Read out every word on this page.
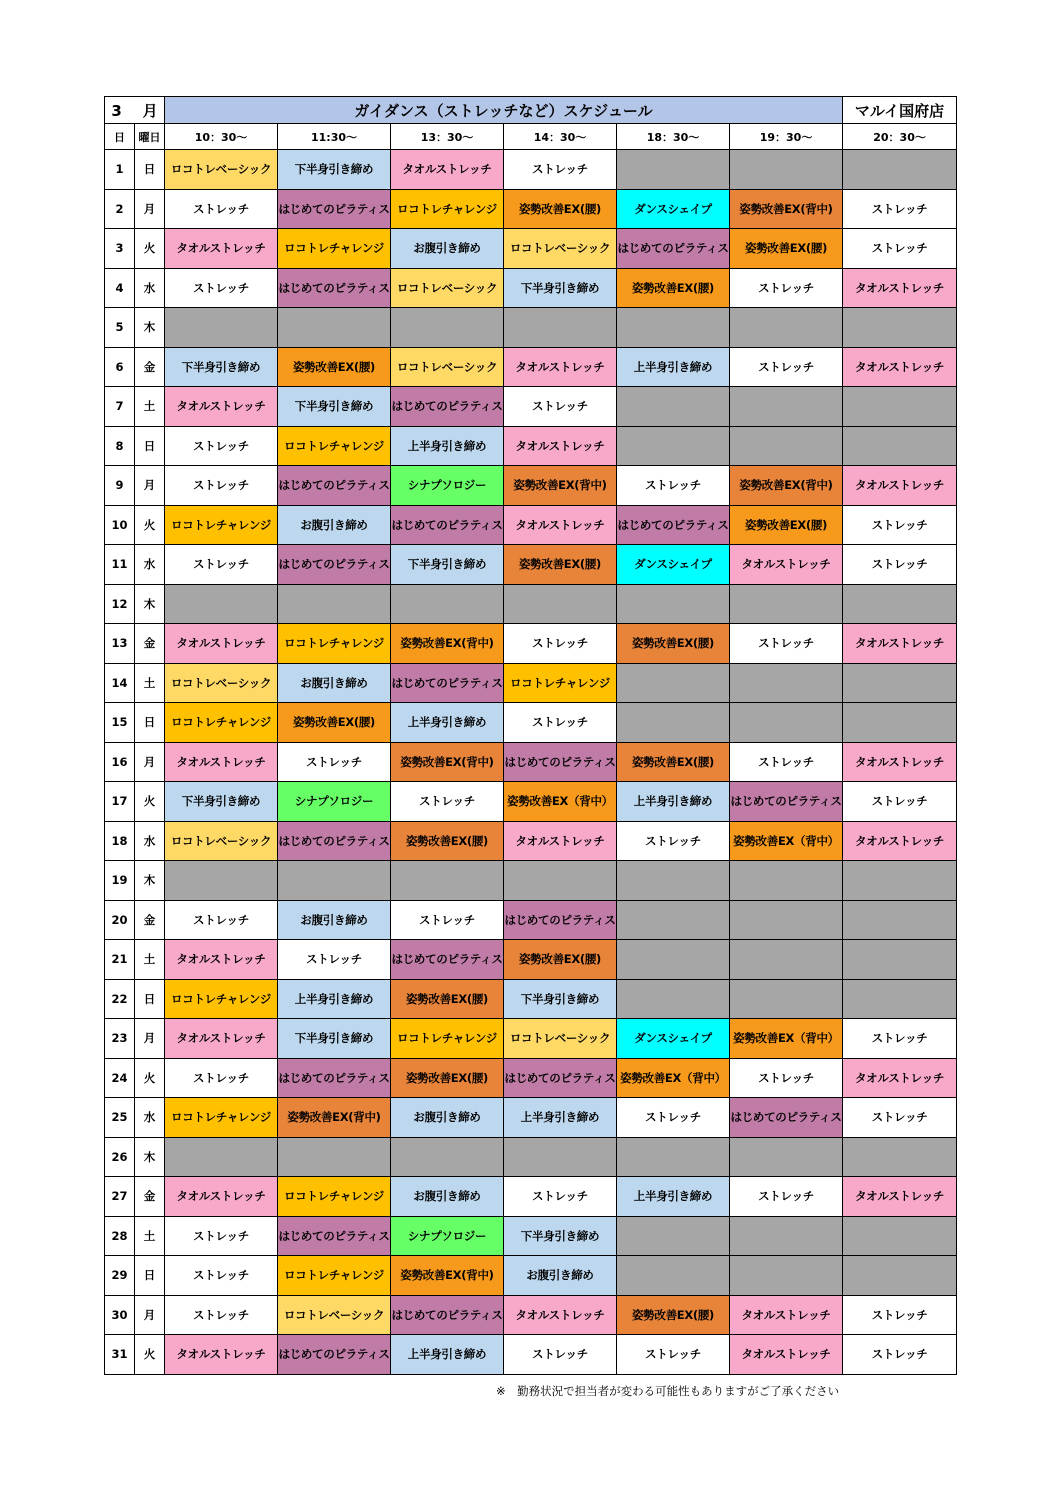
3 月		ガイダンス（ストレッチなど）スケジュール						マルイ国府店
日	曜日	10：30〜	11:30〜	13：30〜	14：30〜	18：30〜	19：30〜	20：30〜
1	日	ロコトレベーシック	下半身引き締め	タオルストレッチ	ストレッチ			
2	月	ストレッチ	はじめてのピラティス	ロコトレチャレンジ	姿勢改善EX(腰)	ダンスシェイプ	姿勢改善EX(背中)	ストレッチ
3	火	タオルストレッチ	ロコトレチャレンジ	お腹引き締め	ロコトレベーシック	はじめてのピラティス	姿勢改善EX(腰)	ストレッチ
4	水	ストレッチ	はじめてのピラティス	ロコトレベーシック	下半身引き締め	姿勢改善EX(腰)	ストレッチ	タオルストレッチ
5	木							
6	金	下半身引き締め	姿勢改善EX(腰)	ロコトレベーシック	タオルストレッチ	上半身引き締め	ストレッチ	タオルストレッチ
7	土	タオルストレッチ	下半身引き締め	はじめてのピラティス	ストレッチ			
8	日	ストレッチ	ロコトレチャレンジ	上半身引き締め	タオルストレッチ			
9	月	ストレッチ	はじめてのピラティス	シナプソロジー	姿勢改善EX(背中)	ストレッチ	姿勢改善EX(背中)	タオルストレッチ
10	火	ロコトレチャレンジ	お腹引き締め	はじめてのピラティス	タオルストレッチ	はじめてのピラティス	姿勢改善EX(腰)	ストレッチ
11	水	ストレッチ	はじめてのピラティス	下半身引き締め	姿勢改善EX(腰)	ダンスシェイプ	タオルストレッチ	ストレッチ
12	木							
13	金	タオルストレッチ	ロコトレチャレンジ	姿勢改善EX(背中)	ストレッチ	姿勢改善EX(腰)	ストレッチ	タオルストレッチ
14	土	ロコトレベーシック	お腹引き締め	はじめてのピラティス	ロコトレチャレンジ			
15	日	ロコトレチャレンジ	姿勢改善EX(腰)	上半身引き締め	ストレッチ			
16	月	タオルストレッチ	ストレッチ	姿勢改善EX(背中)	はじめてのピラティス	姿勢改善EX(腰)	ストレッチ	タオルストレッチ
17	火	下半身引き締め	シナプソロジー	ストレッチ	姿勢改善EX（背中）	上半身引き締め	はじめてのピラティス	ストレッチ
18	水	ロコトレベーシック	はじめてのピラティス	姿勢改善EX(腰)	タオルストレッチ	ストレッチ	姿勢改善EX（背中）	タオルストレッチ
19	木							
20	金	ストレッチ	お腹引き締め	ストレッチ	はじめてのピラティス			
21	土	タオルストレッチ	ストレッチ	はじめてのピラティス	姿勢改善EX(腰)			
22	日	ロコトレチャレンジ	上半身引き締め	姿勢改善EX(腰)	下半身引き締め			
23	月	タオルストレッチ	下半身引き締め	ロコトレチャレンジ	ロコトレベーシック	ダンスシェイプ	姿勢改善EX（背中）	ストレッチ
24	火	ストレッチ	はじめてのピラティス	姿勢改善EX(腰)	はじめてのピラティス	姿勢改善EX（背中）	ストレッチ	タオルストレッチ
25	水	ロコトレチャレンジ	姿勢改善EX(背中)	お腹引き締め	上半身引き締め	ストレッチ	はじめてのピラティス	ストレッチ
26	木							
27	金	タオルストレッチ	ロコトレチャレンジ	お腹引き締め	ストレッチ	上半身引き締め	ストレッチ	タオルストレッチ
28	土	ストレッチ	はじめてのピラティス	シナプソロジー	下半身引き締め			
29	日	ストレッチ	ロコトレチャレンジ	姿勢改善EX(背中)	お腹引き締め			
30	月	ストレッチ	ロコトレベーシック	はじめてのピラティス	タオルストレッチ	姿勢改善EX(腰)	タオルストレッチ	ストレッチ
31	火	タオルストレッチ	はじめてのピラティス	上半身引き締め	ストレッチ	ストレッチ	タオルストレッチ	ストレッチ
※　勤務状況で担当者が変わる可能性もありますがご了承ください
